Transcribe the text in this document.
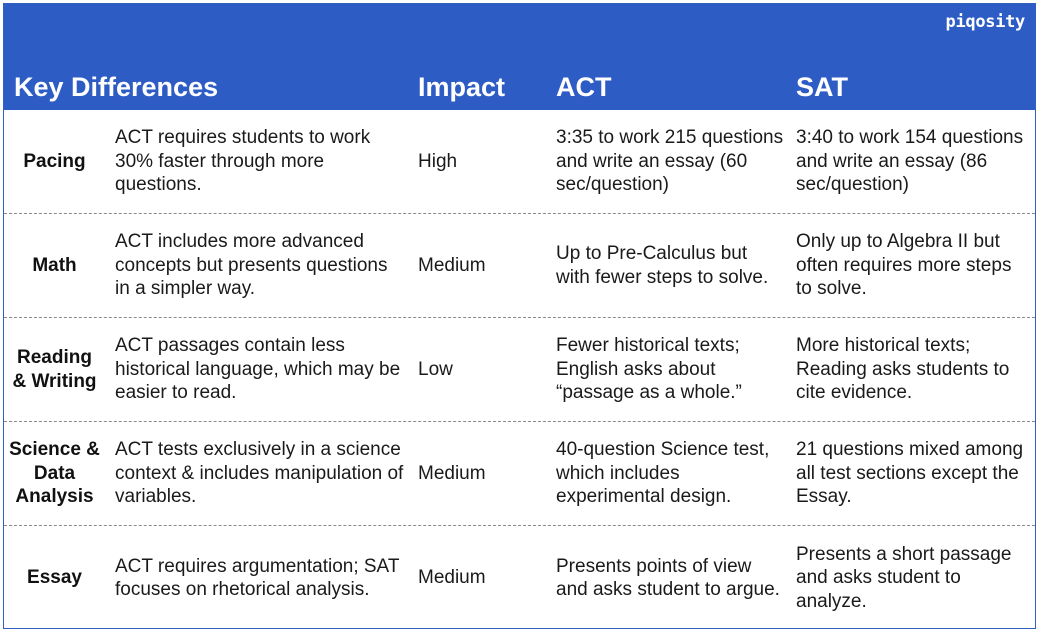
piqosity
Key Differences	Impact ACT	SAT
Pacing
ACT requires students to work 30% faster through more questions.
High
3:35 to work 215 questions and write an essay (60 sec/question)
3:40 to work 154 questions and write an essay (86 sec/question)
Math
ACT includes more advanced concepts but presents questions in a simpler way.
Medium
Up to Pre-Calculus but with fewer steps to solve.
Only up to Algebra II but often requires more steps to solve.
Reading & Writing
ACT passages contain less historical language, which may be easier to read.
Low
Fewer historical texts; English asks about “passage as a whole.”
More historical texts; Reading asks students to cite evidence.
Science & Data Analysis
ACT tests exclusively in a science context & includes manipulation of variables.
Medium
40-question Science test, which includes experimental design.
21 questions mixed among all test sections except the Essay.
Essay
ACT requires argumentation; SAT focuses on rhetorical analysis.
Medium
Presents points of view and asks student to argue.
Presents a short passage and asks student to analyze.
